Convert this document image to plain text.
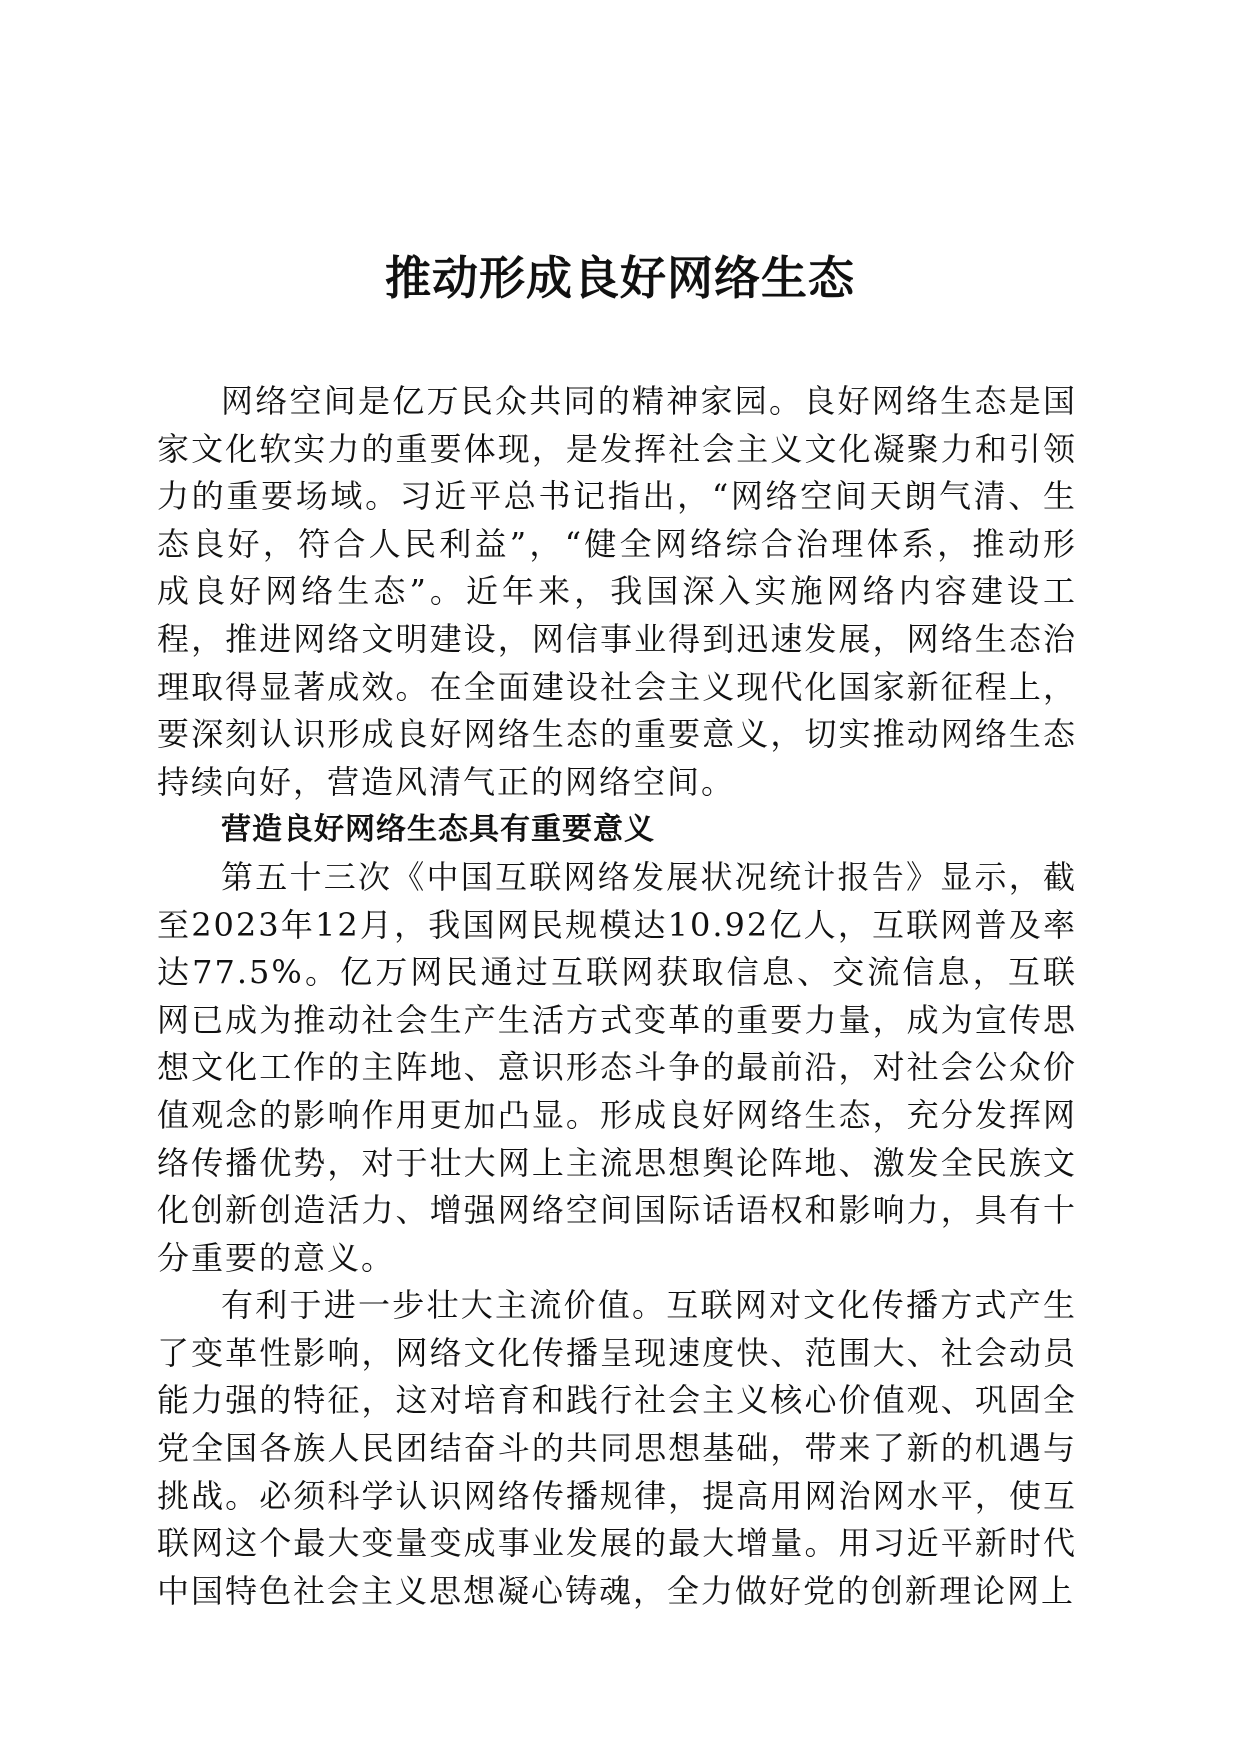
推动形成良好网络生态

网络空间是亿万民众共同的精神家园。良好网络生态是国家文化软实力的重要体现，是发挥社会主义文化凝聚力和引领力的重要场域。习近平总书记指出，“网络空间天朗气清、生态良好，符合人民利益”，“健全网络综合治理体系，推动形成良好网络生态”。近年来，我国深入实施网络内容建设工程，推进网络文明建设，网信事业得到迅速发展，网络生态治理取得显著成效。在全面建设社会主义现代化国家新征程上，要深刻认识形成良好网络生态的重要意义，切实推动网络生态持续向好，营造风清气正的网络空间。

营造良好网络生态具有重要意义

第五十三次《中国互联网络发展状况统计报告》显示，截至2023年12月，我国网民规模达10.92亿人，互联网普及率达77.5%。亿万网民通过互联网获取信息、交流信息，互联网已成为推动社会生产生活方式变革的重要力量，成为宣传思想文化工作的主阵地、意识形态斗争的最前沿，对社会公众价值观念的影响作用更加凸显。形成良好网络生态，充分发挥网络传播优势，对于壮大网上主流思想舆论阵地、激发全民族文化创新创造活力、增强网络空间国际话语权和影响力，具有十分重要的意义。

有利于进一步壮大主流价值。互联网对文化传播方式产生了变革性影响，网络文化传播呈现速度快、范围大、社会动员能力强的特征，这对培育和践行社会主义核心价值观、巩固全党全国各族人民团结奋斗的共同思想基础，带来了新的机遇与挑战。必须科学认识网络传播规律，提高用网治网水平，使互联网这个最大变量变成事业发展的最大增量。用习近平新时代中国特色社会主义思想凝心铸魂，全力做好党的创新理论网上
